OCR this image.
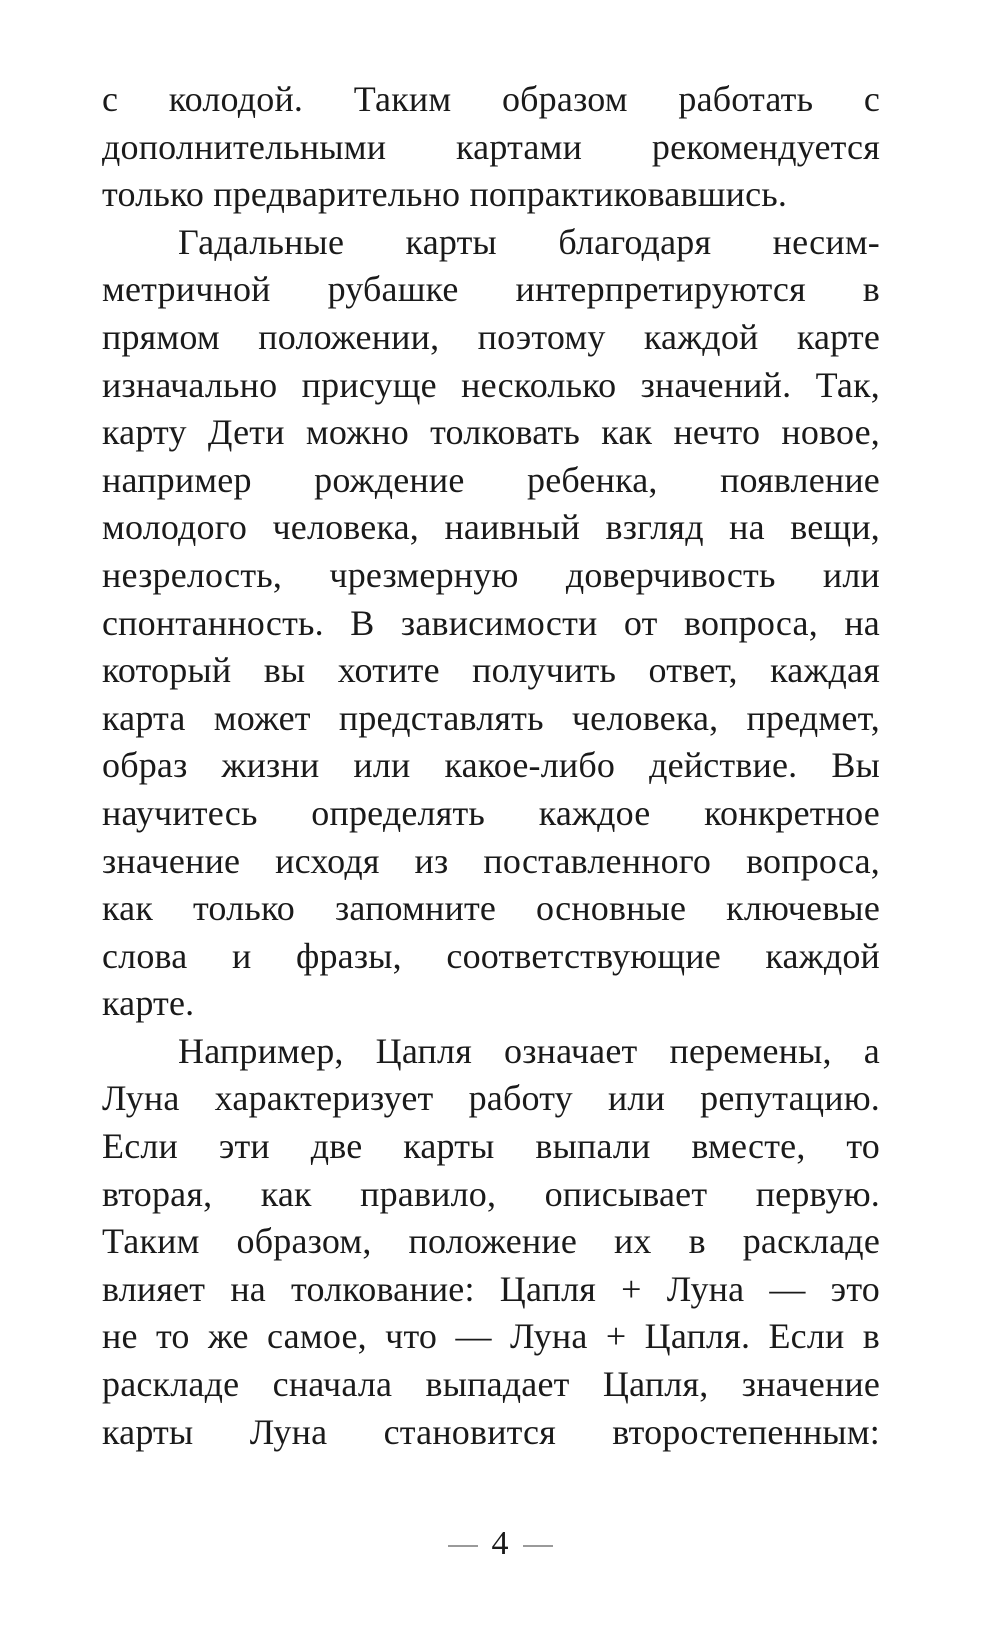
с колодой. Таким образом работать с
дополнительными картами рекомендуется
только предварительно попрактиковавшись.
Гадальные карты благодаря несим-
метричной рубашке интерпретируются в
прямом положении, поэтому каждой карте
изначально присуще несколько значений. Так,
карту Дети можно толковать как нечто новое,
например рождение ребенка, появление
молодого человека, наивный взгляд на вещи,
незрелость, чрезмерную доверчивость или
спонтанность. В зависимости от вопроса, на
который вы хотите получить ответ, каждая
карта может представлять человека, предмет,
образ жизни или какое-либо действие. Вы
научитесь определять каждое конкретное
значение исходя из поставленного вопроса,
как только запомните основные ключевые
слова и фразы, соответствующие каждой
карте.
Например, Цапля означает перемены, а
Луна характеризует работу или репутацию.
Если эти две карты выпали вместе, то
вторая, как правило, описывает первую.
Таким образом, положение их в раскладе
влияет на толкование: Цапля + Луна — это
не то же самое, что — Луна + Цапля. Если в
раскладе сначала выпадает Цапля, значение
карты Луна становится второстепенным:
4
